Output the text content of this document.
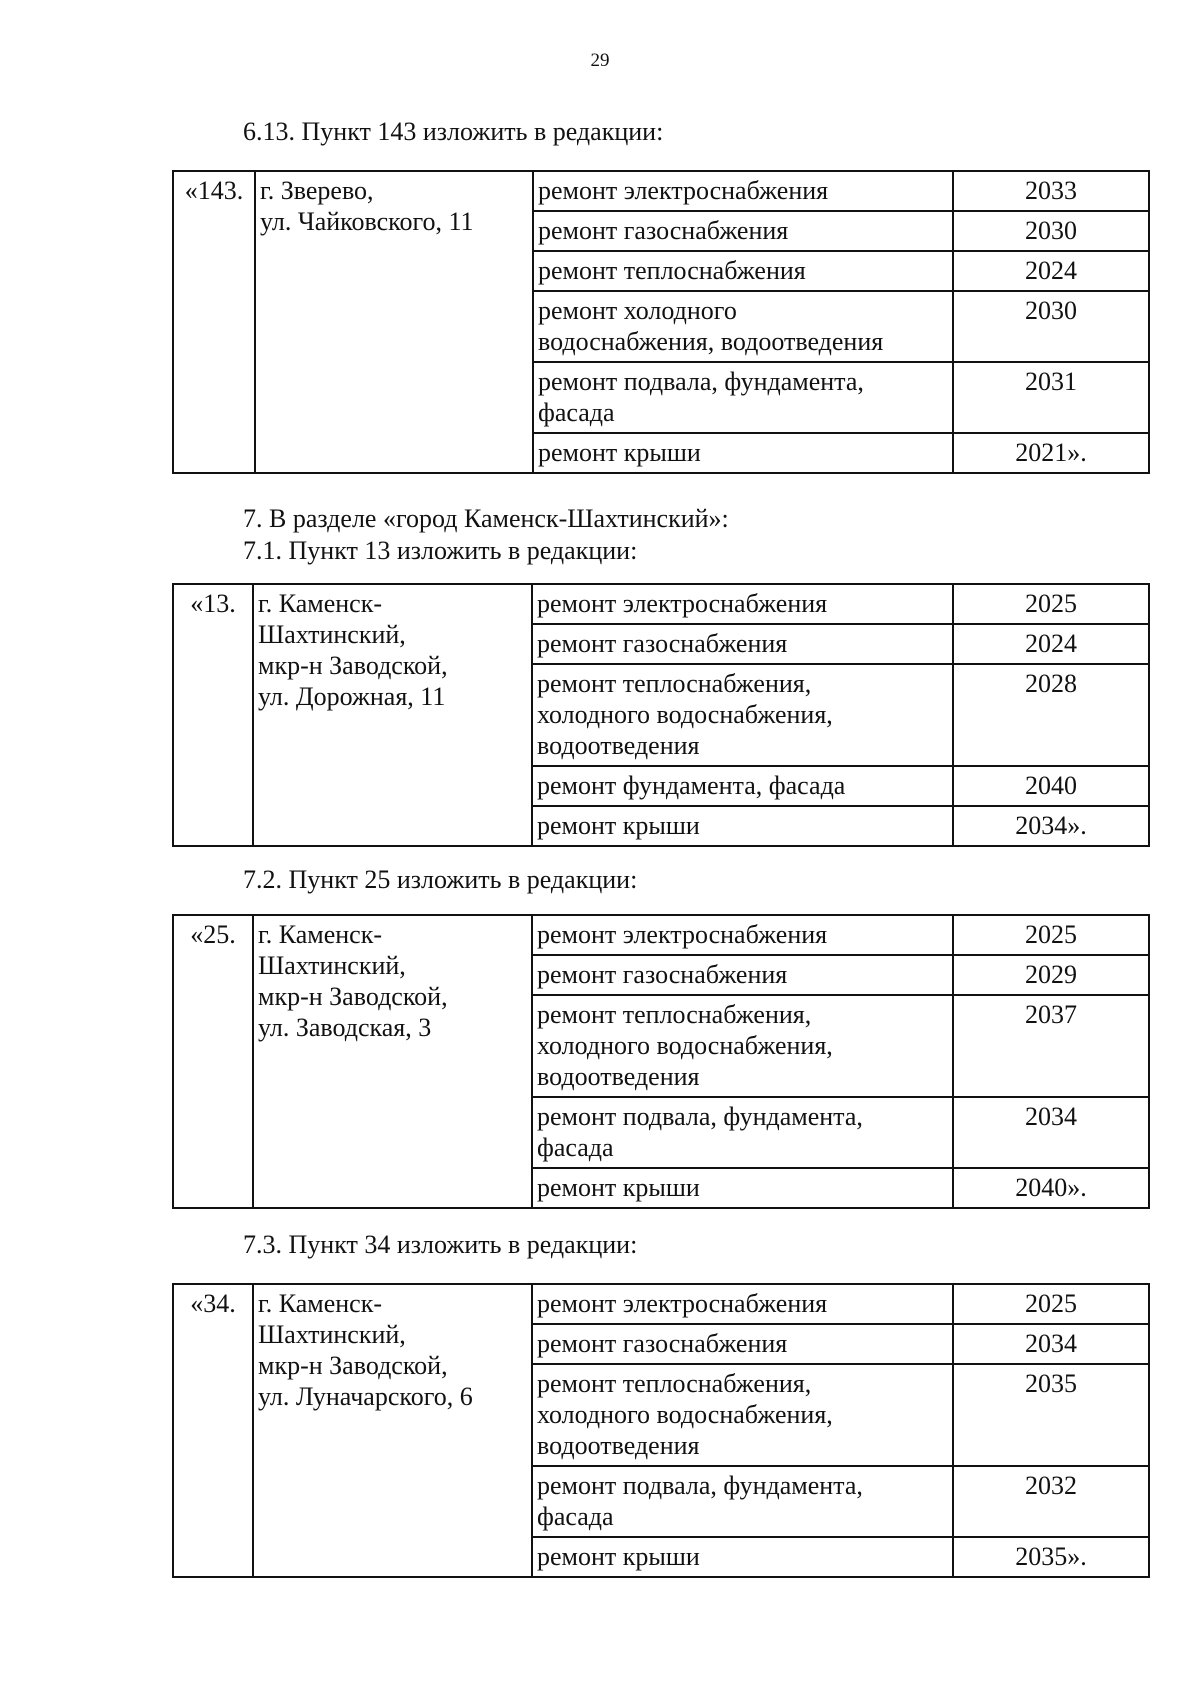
29
6.13. Пункт 143 изложить в редакции:
«143.	г. Зверево,
ул. Чайковского, 11	ремонт электроснабжения	2033

		ремонт газоснабжения	2030

		ремонт теплоснабжения	2024

		ремонт холодного
водоснабжения, водоотведения	2030

		ремонт подвала, фундамента,
фасада	2031

		ремонт крыши	2021».
7. В разделе «город Каменск-Шахтинский»:
7.1. Пункт 13 изложить в редакции:
«13.	г. Каменск-
Шахтинский,
мкр-н Заводской,
ул. Дорожная, 11	ремонт электроснабжения	2025

		ремонт газоснабжения	2024

		ремонт теплоснабжения,
холодного водоснабжения,
водоотведения	2028

		ремонт фундамента, фасада	2040

		ремонт крыши	2034».
7.2. Пункт 25 изложить в редакции:
«25.	г. Каменск-
Шахтинский,
мкр-н Заводской,
ул. Заводская, 3	ремонт электроснабжения	2025

		ремонт газоснабжения	2029

		ремонт теплоснабжения,
холодного водоснабжения,
водоотведения	2037

		ремонт подвала, фундамента,
фасада	2034

		ремонт крыши	2040».
7.3. Пункт 34 изложить в редакции:
«34.	г. Каменск-
Шахтинский,
мкр-н Заводской,
ул. Луначарского, 6	ремонт электроснабжения	2025

		ремонт газоснабжения	2034

		ремонт теплоснабжения,
холодного водоснабжения,
водоотведения	2035

		ремонт подвала, фундамента,
фасада	2032

		ремонт крыши	2035».
